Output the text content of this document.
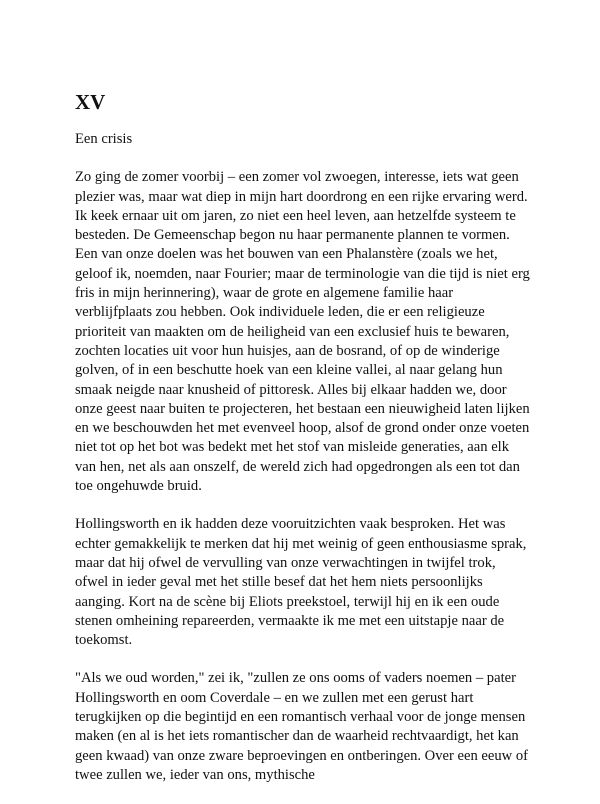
XV
Een crisis
Zo ging de zomer voorbij – een zomer vol zwoegen, interesse, iets wat geen plezier was, maar wat diep in mijn hart doordrong en een rijke ervaring werd. Ik keek ernaar uit om jaren, zo niet een heel leven, aan hetzelfde systeem te besteden. De Gemeenschap begon nu haar permanente plannen te vormen. Een van onze doelen was het bouwen van een Phalanstère (zoals we het, geloof ik, noemden, naar Fourier; maar de terminologie van die tijd is niet erg fris in mijn herinnering), waar de grote en algemene familie haar verblijfplaats zou hebben. Ook individuele leden, die er een religieuze prioriteit van maakten om de heiligheid van een exclusief huis te bewaren, zochten locaties uit voor hun huisjes, aan de bosrand, of op de winderige golven, of in een beschutte hoek van een kleine vallei, al naar gelang hun smaak neigde naar knusheid of pittoresk. Alles bij elkaar hadden we, door onze geest naar buiten te projecteren, het bestaan een nieuwigheid laten lijken en we beschouwden het met evenveel hoop, alsof de grond onder onze voeten niet tot op het bot was bedekt met het stof van misleide generaties, aan elk van hen, net als aan onszelf, de wereld zich had opgedrongen als een tot dan toe ongehuwde bruid.
Hollingsworth en ik hadden deze vooruitzichten vaak besproken. Het was echter gemakkelijk te merken dat hij met weinig of geen enthousiasme sprak, maar dat hij ofwel de vervulling van onze verwachtingen in twijfel trok, ofwel in ieder geval met het stille besef dat het hem niets persoonlijks aanging. Kort na de scène bij Eliots preekstoel, terwijl hij en ik een oude stenen omheining repareerden, vermaakte ik me met een uitstapje naar de toekomst.
"Als we oud worden," zei ik, "zullen ze ons ooms of vaders noemen – pater Hollingsworth en oom Coverdale – en we zullen met een gerust hart terugkijken op die begintijd en een romantisch verhaal voor de jonge mensen maken (en al is het iets romantischer dan de waarheid rechtvaardigt, het kan geen kwaad) van onze zware beproevingen en ontberingen. Over een eeuw of twee zullen we, ieder van ons, mythische
